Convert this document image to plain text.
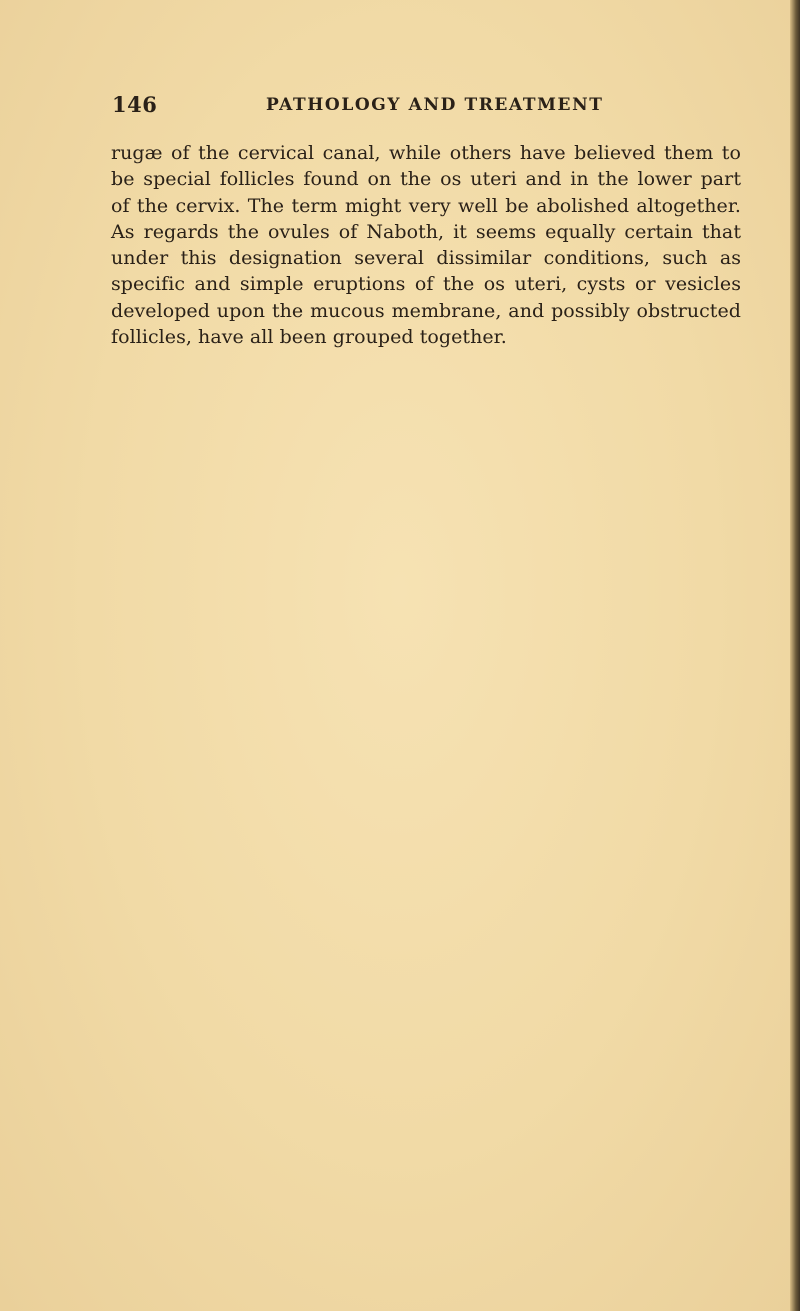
146	PATHOLOGY AND TREATMENT
rugæ of the cervical canal, while others have believed them to
be special follicles found on the os uteri and in the lower part
of the cervix. The term might very well be abolished altogether.
As regards the ovules of Naboth, it seems equally certain that
under this designation several dissimilar conditions, such as
specific and simple eruptions of the os uteri, cysts or vesicles
developed upon the mucous membrane, and possibly obstructed
follicles, have all been grouped together.
